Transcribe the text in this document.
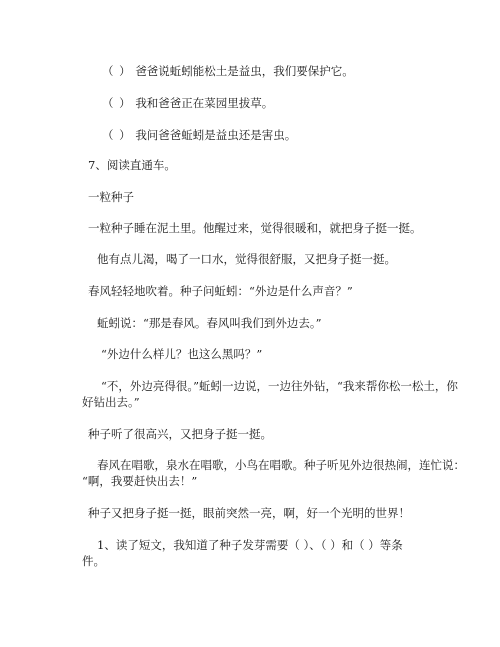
（ ） 爸爸说蚯蚓能松土是益虫，我们要保护它。
（ ） 我和爸爸正在菜园里拔草。
（ ） 我问爸爸蚯蚓是益虫还是害虫。
7、阅读直通车。
一粒种子
一粒种子睡在泥土里。他醒过来，觉得很暖和，就把身子挺一挺。
他有点儿渴，喝了一口水，觉得很舒服，又把身子挺一挺。
春风轻轻地吹着。种子问蚯蚓：“外边是什么声音？”
蚯蚓说：“那是春风。春风叫我们到外边去。”
“外边什么样儿？也这么黑吗？”
“不，外边亮得很。”蚯蚓一边说，一边往外钻，“我来帮你松一松土，你
好钻出去。”
种子听了很高兴，又把身子挺一挺。
春风在唱歌，泉水在唱歌，小鸟在唱歌。种子听见外边很热闹，连忙说：
“啊，我要赶快出去！”
种子又把身子挺一挺，眼前突然一亮，啊，好一个光明的世界！
1、读了短文，我知道了种子发芽需要（ ）、（ ）和（ ）等条
件。
